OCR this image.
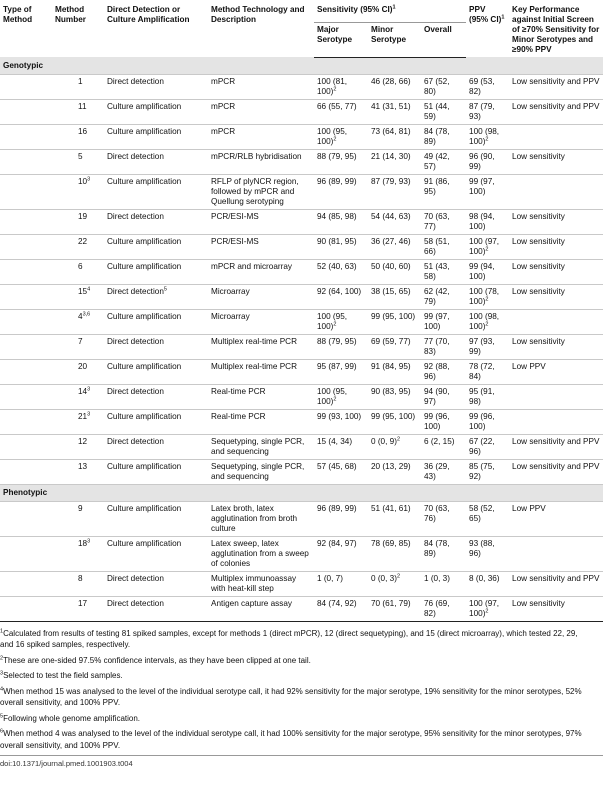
Type of Method	Method Number	Direct Detection or Culture Amplification	Method Technology and Description	Sensitivity (95% CI)$^1$			PPV (95% CI)$^1$	Key Performance against Initial Screen of ≥70% Sensitivity for Minor Serotypes and ≥90% PPV
				Major Serotype	Minor Serotype	Overall		
Genotypic								
	1	Direct detection	mPCR	100 (81, 100)$^2$	46 (28, 66)	67 (52, 80)	69 (53, 82)	Low sensitivity and PPV
	11	Culture amplification	mPCR	66 (55, 77)	41 (31, 51)	51 (44, 59)	87 (79, 93)	Low sensitivity and PPV
	16	Culture amplification	mPCR	100 (95, 100)$^2$	73 (64, 81)	84 (78, 89)	100 (98, 100)$^2$	
	5	Direct detection	mPCR/RLB hybridisation	88 (79, 95)	21 (14, 30)	49 (42, 57)	96 (90, 99)	Low sensitivity
	$10^3$	Culture amplification	RFLP of plyNCR region, followed by mPCR and Quellung serotyping	96 (89, 99)	87 (79, 93)	91 (86, 95)	99 (97, 100)	
	19	Direct detection	PCR/ESI-MS	94 (85, 98)	54 (44, 63)	70 (63, 77)	98 (94, 100)	Low sensitivity
	22	Culture amplification	PCR/ESI-MS	90 (81, 95)	36 (27, 46)	58 (51, 66)	100 (97, 100)$^2$	Low sensitivity
	6	Culture amplification	mPCR and microarray	52 (40, 63)	50 (40, 60)	51 (43, 58)	99 (94, 100)	Low sensitivity
	$15^4$	Direct detection$^5$	Microarray	92 (64, 100)	38 (15, 65)	62 (42, 79)	100 (78, 100)$^2$	Low sensitivity
	4$^{3,6}$	Culture amplification	Microarray	100 (95, 100)$^2$	99 (95, 100)	99 (97, 100)	100 (98, 100)$^2$	
	7	Direct detection	Multiplex real-time PCR	88 (79, 95)	69 (59, 77)	77 (70, 83)	97 (93, 99)	Low sensitivity
	20	Culture amplification	Multiplex real-time PCR	95 (87, 99)	91 (84, 95)	92 (88, 96)	78 (72, 84)	Low PPV
	$14^3$	Direct detection	Real-time PCR	100 (95, 100)$^2$	90 (83, 95)	94 (90, 97)	95 (91, 98)	
	$21^3$	Culture amplification	Real-time PCR	99 (93, 100)	99 (95, 100)	99 (96, 100)	99 (96, 100)	
	12	Direct detection	Sequetyping, single PCR, and sequencing	15 (4, 34)	0 (0, 9)$^2$	6 (2, 15)	67 (22, 96)	Low sensitivity and PPV
	13	Culture amplification	Sequetyping, single PCR, and sequencing	57 (45, 68)	20 (13, 29)	36 (29, 43)	85 (75, 92)	Low sensitivity and PPV
Phenotypic								
	9	Culture amplification	Latex broth, latex agglutination from broth culture	96 (89, 99)	51 (41, 61)	70 (63, 76)	58 (52, 65)	Low PPV
	$18^3$	Culture amplification	Latex sweep, latex agglutination from a sweep of colonies	92 (84, 97)	78 (69, 85)	84 (78, 89)	93 (88, 96)	
	8	Direct detection	Multiplex immunoassay with heat-kill step	1 (0, 7)	0 (0, 3)$^2$	1 (0, 3)	8 (0, 36)	Low sensitivity and PPV
	17	Direct detection	Antigen capture assay	84 (74, 92)	70 (61, 79)	76 (69, 82)	100 (97, 100)$^2$	Low sensitivity

$^1$Calculated from results of testing 81 spiked samples, except for methods 1 (direct mPCR), 12 (direct sequetyping), and 15 (direct microarray), which tested 22, 29, and 16 spiked samples, respectively.

$^2$These are one-sided 97.5% confidence intervals, as they have been clipped at one tail.

$^3$Selected to test the field samples.

$^4$When method 15 was analysed to the level of the individual serotype call, it had 92% sensitivity for the major serotype, 19% sensitivity for the minor serotypes, 52% overall sensitivity, and 100% PPV.

$^5$Following whole genome amplification.

$^6$When method 4 was analysed to the level of the individual serotype call, it had 100% sensitivity for the major serotype, 95% sensitivity for the minor serotypes, 97% overall sensitivity, and 100% PPV.

doi:10.1371/journal.pmed.1001903.t004
